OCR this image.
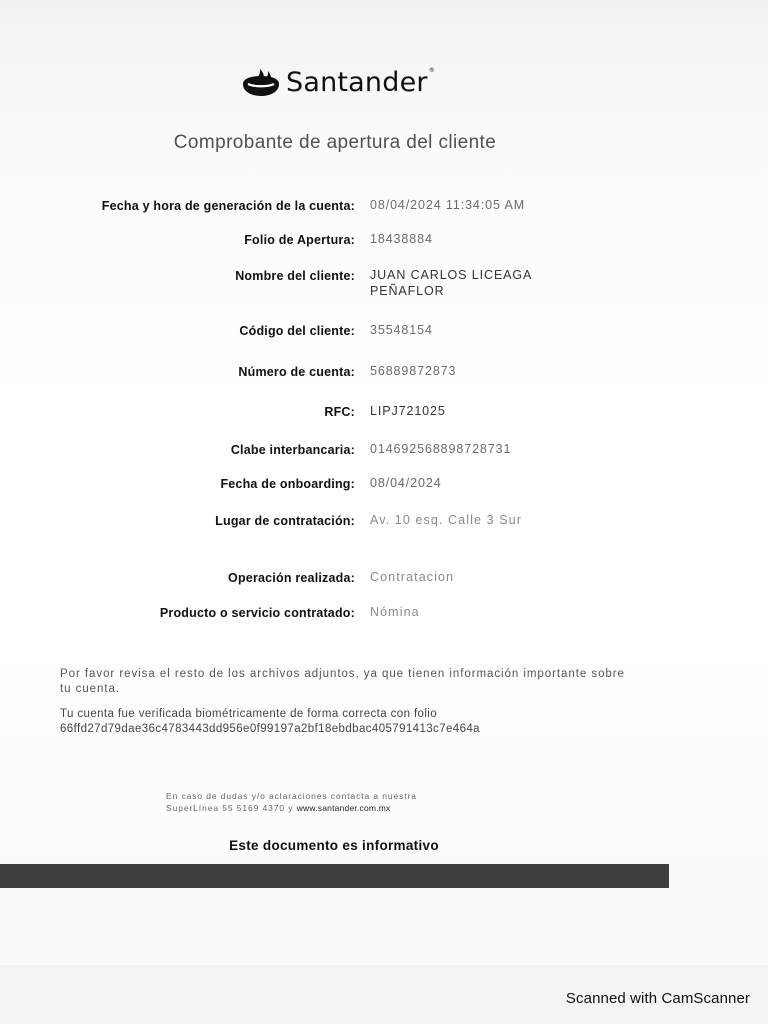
Santander®
Comprobante de apertura del cliente
Fecha y hora de generación de la cuenta: 08/04/2024 11:34:05 AM
Folio de Apertura: 18438884
Nombre del cliente: JUAN CARLOS LICEAGA
PEÑAFLOR
Código del cliente: 35548154
Número de cuenta: 56889872873
RFC: LIPJ721025
Clabe interbancaria: 014692568898728731
Fecha de onboarding: 08/04/2024
Lugar de contratación: Av. 10 esq. Calle 3 Sur
Operación realizada: Contratacion
Producto o servicio contratado: Nómina
Por favor revisa el resto de los archivos adjuntos, ya que tienen información importante sobre tu cuenta.
Tu cuenta fue verificada biométricamente de forma correcta con folio
66ffd27d79dae36c4783443dd956e0f99197a2bf18ebdbac405791413c7e464a
En caso de dudas y/o aclaraciones contacta a nuestra
SuperLínea 55 5169 4370 y www.santander.com.mx
Este documento es informativo
Scanned with CamScanner
